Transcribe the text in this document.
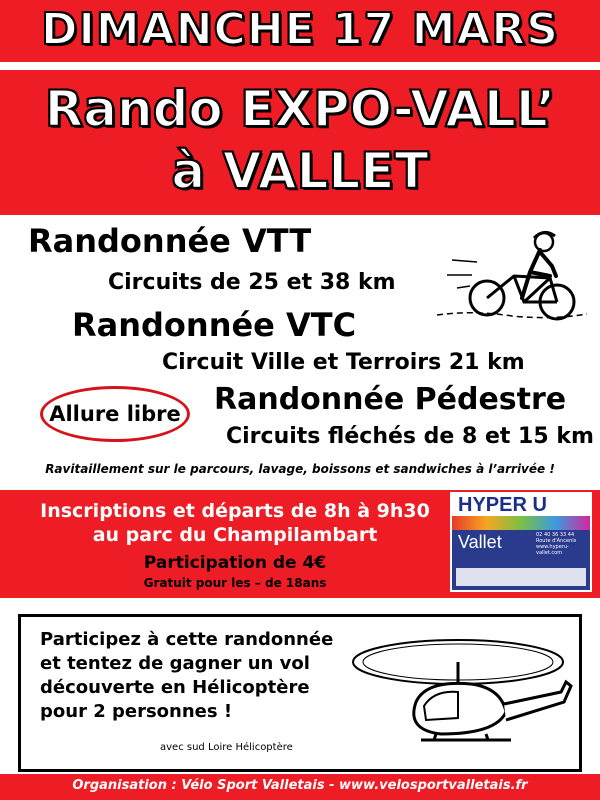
DIMANCHE 17 MARS
Rando EXPO-VALL’
à VALLET
Randonnée VTT
Circuits de 25 et 38 km
Randonnée VTC
Circuit Ville et Terroirs 21 km
Allure libre	Randonnée Pédestre
Circuits fléchés de 8 et 15 km
Ravitaillement sur le parcours, lavage, boissons et sandwiches à l’arrivée !
Inscriptions et départs de 8h à 9h30
au parc du Champilambart
Participation de 4€
Gratuit pour les – de 18ans
HYPER U
Vallet	02 40 36 33 44
Route d'Ancenis
www.hyperu-vallet.com
Participez à cette randonnée
et tentez de gagner un vol
découverte en Hélicoptère
pour 2 personnes !
avec sud Loire Hélicoptère
Organisation : Vélo Sport Valletais - www.velosportvalletais.fr
